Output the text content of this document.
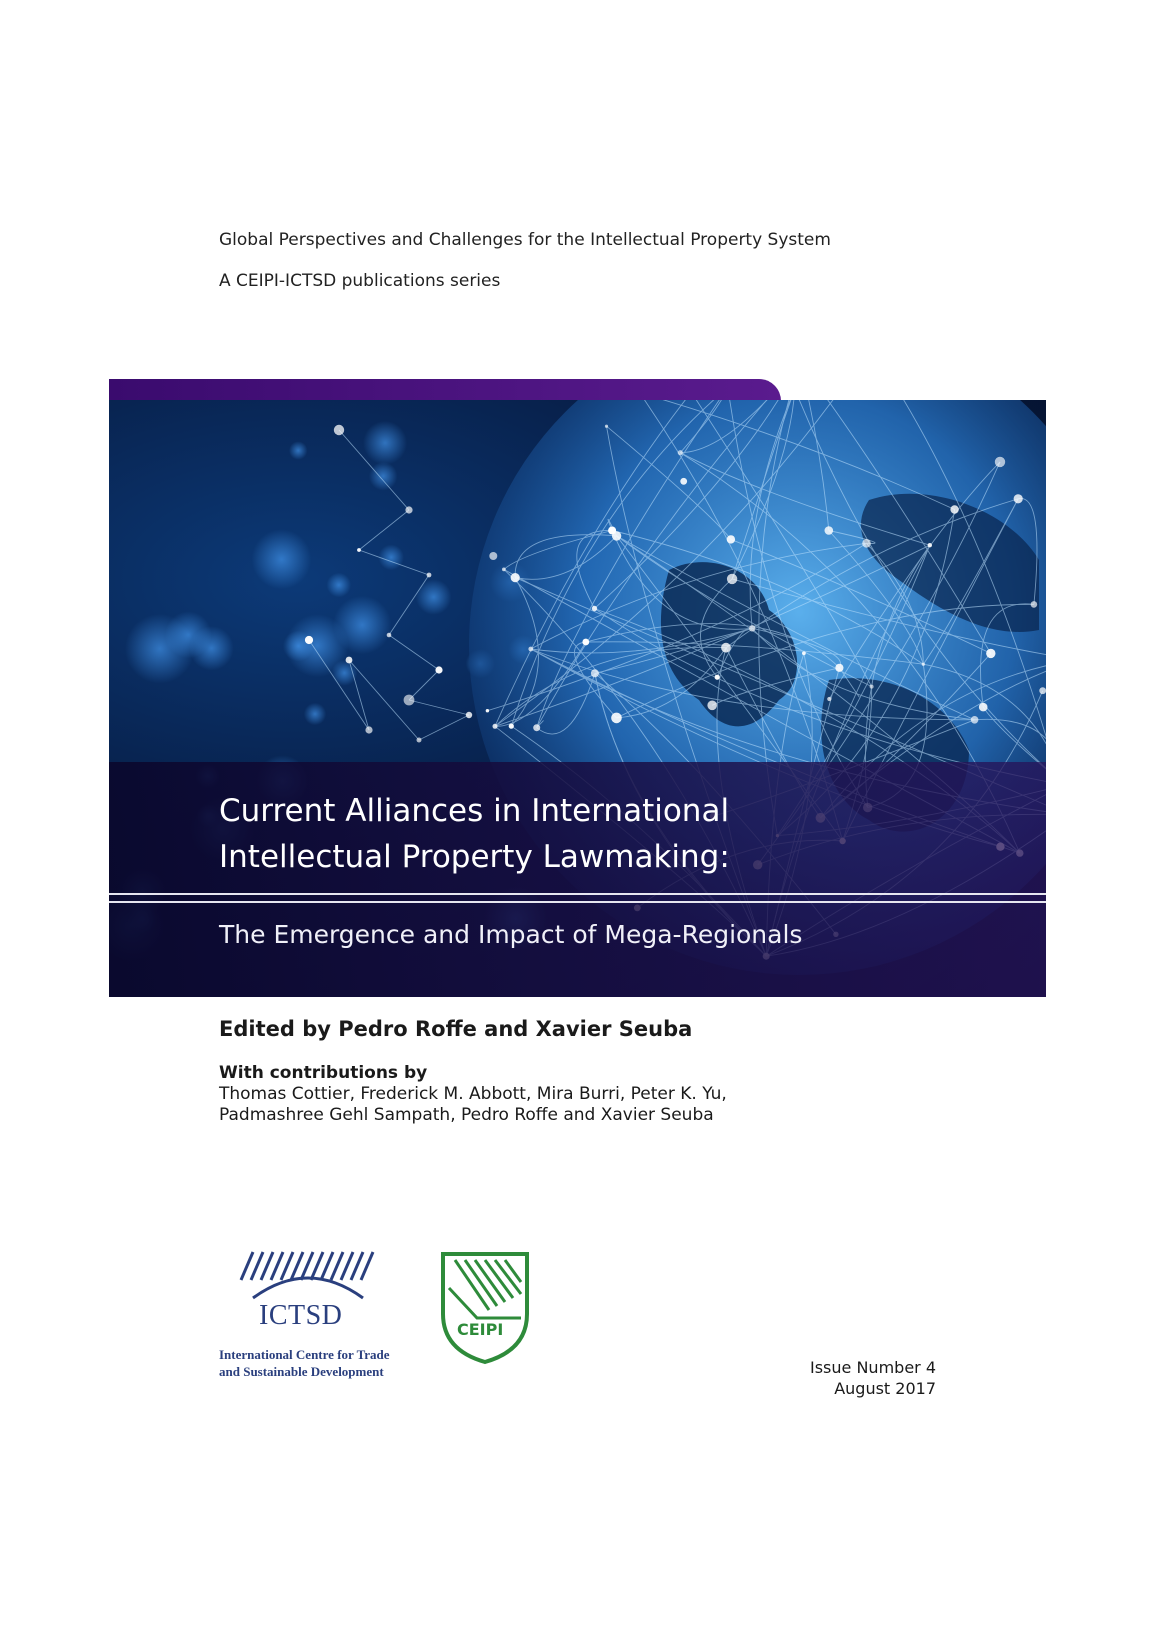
Global Perspectives and Challenges for the Intellectual Property System
A CEIPI-ICTSD publications series
Current Alliances in International
Intellectual Property Lawmaking:
The Emergence and Impact of Mega-Regionals
Edited by Pedro Roffe and Xavier Seuba
With contributions by
Thomas Cottier, Frederick M. Abbott, Mira Burri, Peter K. Yu,
Padmashree Gehl Sampath, Pedro Roffe and Xavier Seuba
ICTSD
International Centre for Trade
and Sustainable Development
CEIPI
Issue Number 4
August 2017
